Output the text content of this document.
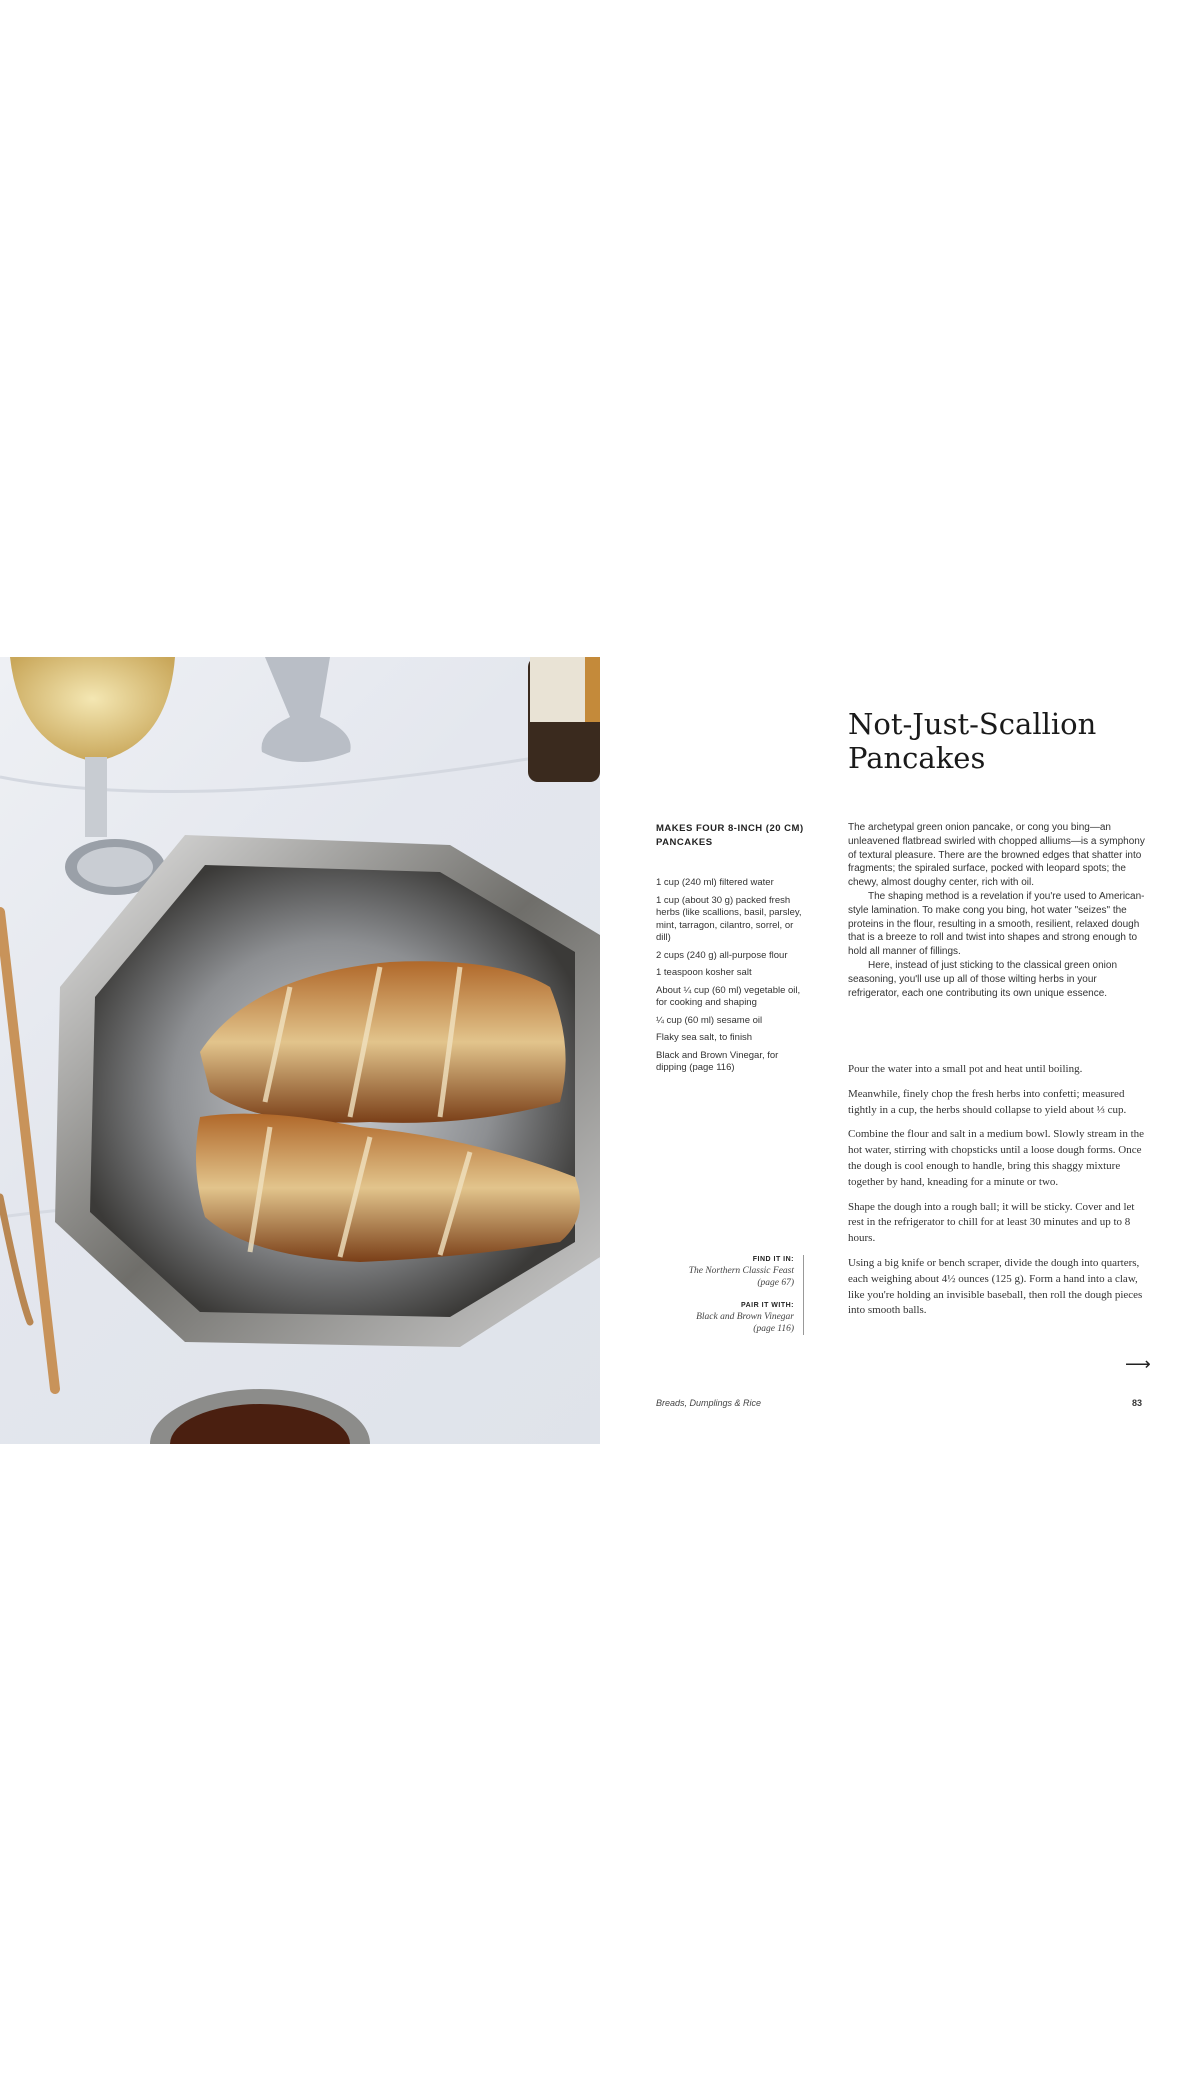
Not-Just-Scallion
Pancakes
MAKES FOUR 8-INCH (20 CM) PANCAKES
1 cup (240 ml) filtered water
1 cup (about 30 g) packed fresh herbs (like scallions, basil, parsley, mint, tarragon, cilantro, sorrel, or dill)
2 cups (240 g) all-purpose flour
1 teaspoon kosher salt
About ¼ cup (60 ml) vegetable oil, for cooking and shaping
¼ cup (60 ml) sesame oil
Flaky sea salt, to finish
Black and Brown Vinegar, for dipping (page 116)
FIND IT IN:
The Northern Classic Feast
(page 67)
PAIR IT WITH:
Black and Brown Vinegar
(page 116)

The archetypal green onion pancake, or cong you bing—an unleavened flatbread swirled with chopped alliums—is a symphony of textural pleasure. There are the browned edges that shatter into fragments; the spiraled surface, pocked with leopard spots; the chewy, almost doughy center, rich with oil.

The shaping method is a revelation if you're used to American-style lamination. To make cong you bing, hot water "seizes" the proteins in the flour, resulting in a smooth, resilient, relaxed dough that is a breeze to roll and twist into shapes and strong enough to hold all manner of fillings.

Here, instead of just sticking to the classical green onion seasoning, you'll use up all of those wilting herbs in your refrigerator, each one contributing its own unique essence.

Pour the water into a small pot and heat until boiling.

Meanwhile, finely chop the fresh herbs into confetti; measured tightly in a cup, the herbs should collapse to yield about ⅓ cup.

Combine the flour and salt in a medium bowl. Slowly stream in the hot water, stirring with chopsticks until a loose dough forms. Once the dough is cool enough to handle, bring this shaggy mixture together by hand, kneading for a minute or two.

Shape the dough into a rough ball; it will be sticky. Cover and let rest in the refrigerator to chill for at least 30 minutes and up to 8 hours.

Using a big knife or bench scraper, divide the dough into quarters, each weighing about 4½ ounces (125 g). Form a hand into a claw, like you're holding an invisible baseball, then roll the dough pieces into smooth balls.

⟶
Breads, Dumplings & Rice	83
